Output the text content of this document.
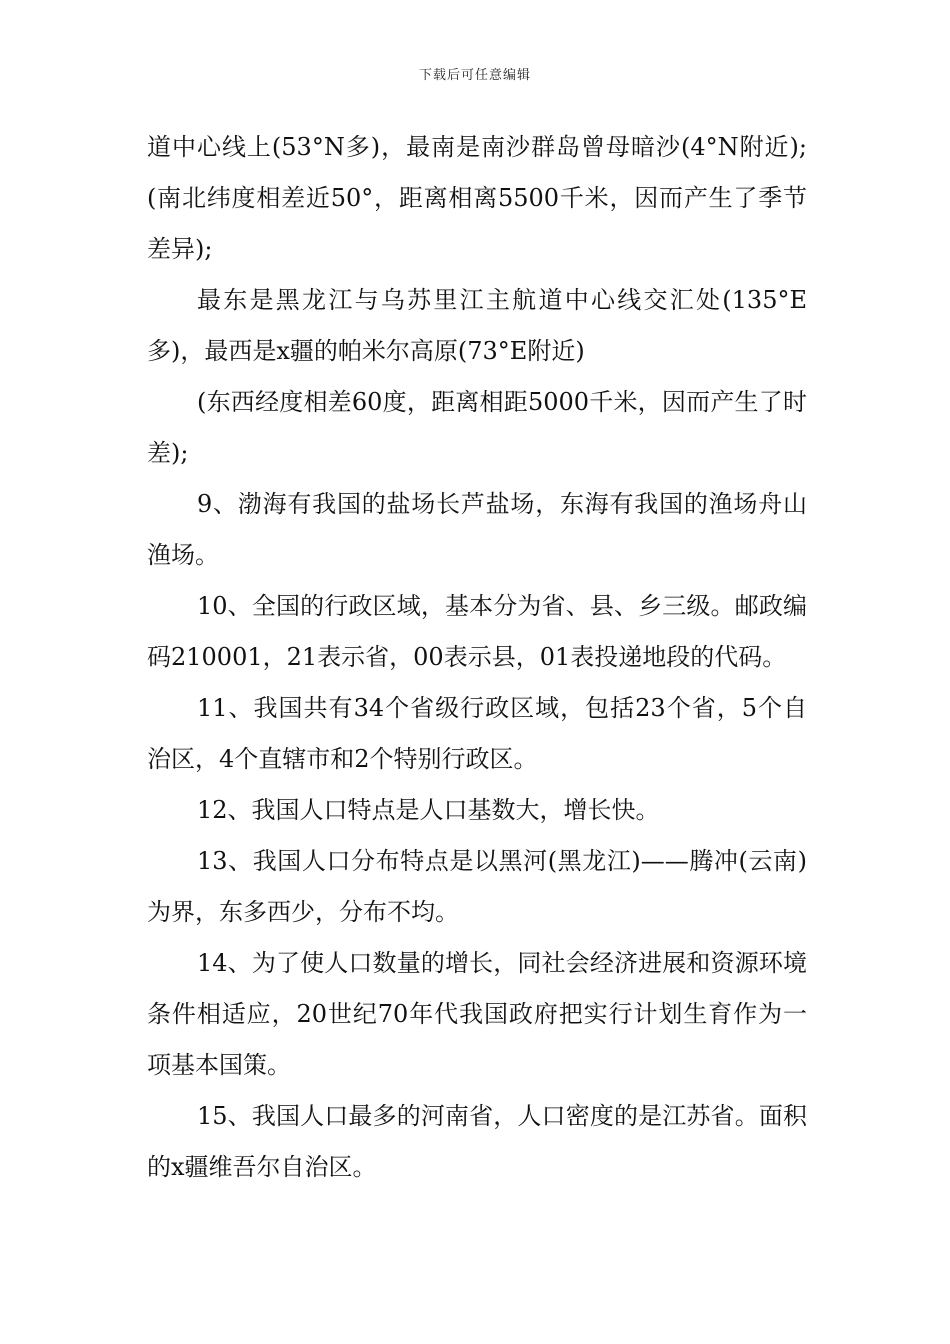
下载后可任意编辑

道中心线上(53°N多)，最南是南沙群岛曾母暗沙(4°N附近);(南北纬度相差近50°，距离相离5500千米，因而产生了季节差异);

最东是黑龙江与乌苏里江主航道中心线交汇处(135°E多)，最西是x疆的帕米尔高原(73°E附近)

(东西经度相差60度，距离相距5000千米，因而产生了时差);

9、渤海有我国的盐场长芦盐场，东海有我国的渔场舟山渔场。

10、全国的行政区域，基本分为省、县、乡三级。邮政编码210001，21表示省，00表示县，01表投递地段的代码。

11、我国共有34个省级行政区域，包括23个省，5个自治区，4个直辖市和2个特别行政区。

12、我国人口特点是人口基数大，增长快。

13、我国人口分布特点是以黑河(黑龙江)——腾冲(云南)为界，东多西少，分布不均。

14、为了使人口数量的增长，同社会经济进展和资源环境条件相适应，20世纪70年代我国政府把实行计划生育作为一项基本国策。

15、我国人口最多的河南省，人口密度的是江苏省。面积的x疆维吾尔自治区。
